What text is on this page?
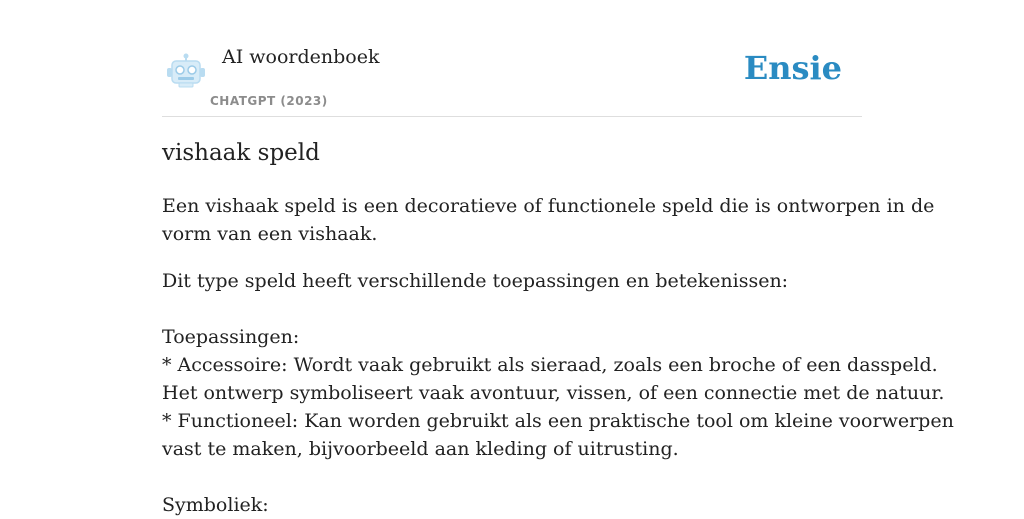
AI woordenboek
CHATGPT (2023)
Ensie
vishaak speld

Een vishaak speld is een decoratieve of functionele speld die is ontworpen in de
vorm van een vishaak.

Dit type speld heeft verschillende toepassingen en betekenissen:

Toepassingen:
* Accessoire: Wordt vaak gebruikt als sieraad, zoals een broche of een dasspeld.
Het ontwerp symboliseert vaak avontuur, vissen, of een connectie met de natuur.
* Functioneel: Kan worden gebruikt als een praktische tool om kleine voorwerpen
vast te maken, bijvoorbeeld aan kleding of uitrusting.

Symboliek:
